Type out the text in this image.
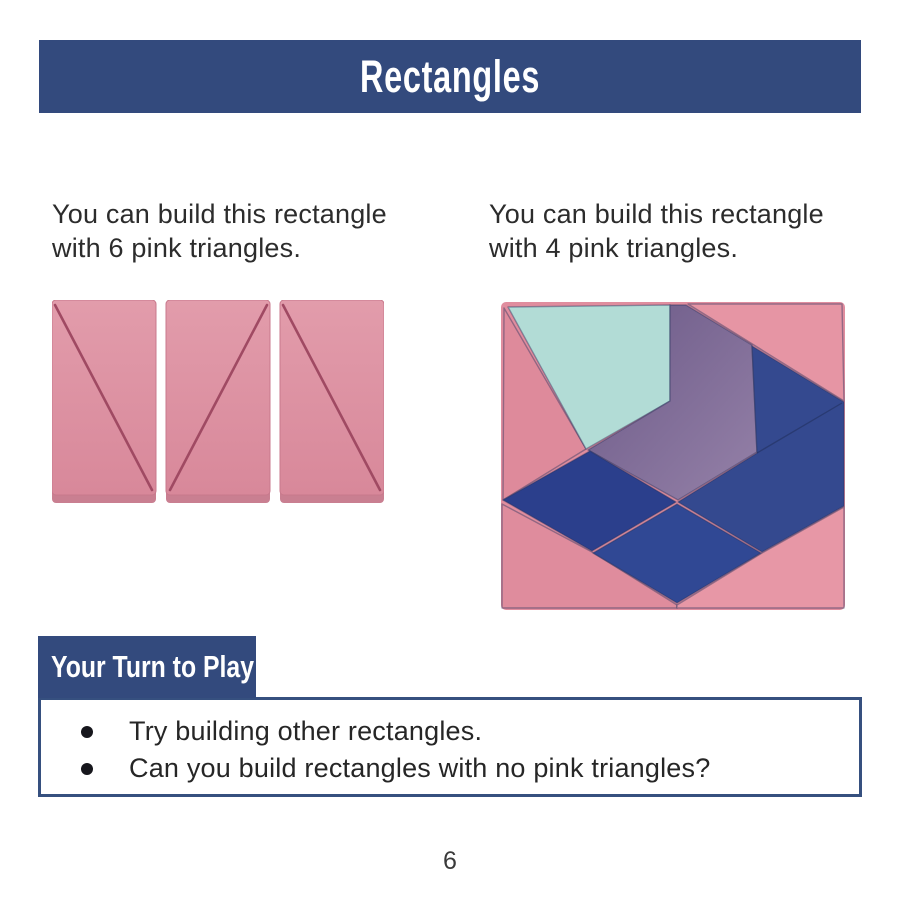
Rectangles
You can build this rectangle
with 6 pink triangles.
You can build this rectangle
with 4 pink triangles.
Your Turn to Play
Try building other rectangles.
Can you build rectangles with no pink triangles?
6
